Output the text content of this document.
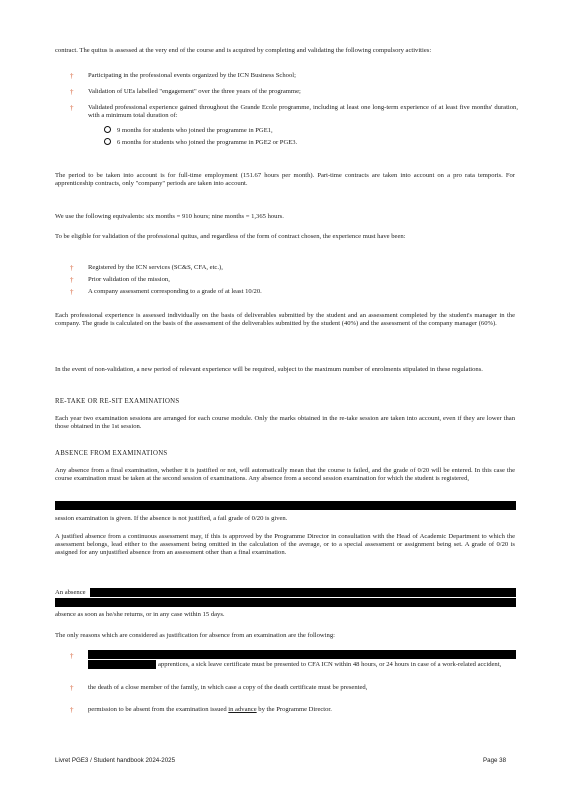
contract. The quitus is assessed at the very end of the course and is acquired by completing and validating the following compulsory activities:

† Participating in the professional events organized by the ICN Business School;

† Validation of UEs labelled "engagement" over the three years of the programme;

† Validated professional experience gained throughout the Grande Ecole programme, including at least one long-term experience of at least five months' duration, with a minimum total duration of:

9 months for students who joined the programme in PGE1,

6 months for students who joined the programme in PGE2 or PGE3.

The period to be taken into account is for full-time employment (151.67 hours per month). Part-time contracts are taken into account on a pro rata temporis. For apprenticeship contracts, only "company" periods are taken into account.

We use the following equivalents: six months = 910 hours; nine months = 1,365 hours.

To be eligible for validation of the professional quitus, and regardless of the form of contract chosen, the experience must have been:

† Registered by the ICN services (SC&S, CFA, etc.),

† Prior validation of the mission,

† A company assessment corresponding to a grade of at least 10/20.

Each professional experience is assessed individually on the basis of deliverables submitted by the student and an assessment completed by the student's manager in the company. The grade is calculated on the basis of the assessment of the deliverables submitted by the student (40%) and the assessment of the company manager (60%).

In the event of non-validation, a new period of relevant experience will be required, subject to the maximum number of enrolments stipulated in these regulations.

RE-TAKE OR RE-SIT EXAMINATIONS

Each year two examination sessions are arranged for each course module. Only the marks obtained in the re-take session are taken into account, even if they are lower than those obtained in the 1st session.

ABSENCE FROM EXAMINATIONS

Any absence from a final examination, whether it is justified or not, will automatically mean that the course is failed, and the grade of 0/20 will be entered. In this case the course examination must be taken at the second session of examinations. Any absence from a second session examination for which the student is registered,

session examination is given. If the absence is not justified, a fail grade of 0/20 is given.

A justified absence from a continuous assessment may, if this is approved by the Programme Director in consultation with the Head of Academic Department to which the assessment belongs, lead either to the assessment being omitted in the calculation of the average, or to a special assessment or assignment being set. A grade of 0/20 is assigned for any unjustified absence from an assessment other than a final examination.

An absence

absence as soon as he/she returns, or in any case within 15 days.

The only reasons which are considered as justification for absence from an examination are the following:

†

apprentices, a sick leave certificate must be presented to CFA ICN within 48 hours, or 24 hours in case of a work-related accident,

† the death of a close member of the family, in which case a copy of the death certificate must be presented,

† permission to be absent from the examination issued in advance by the Programme Director.

Livret PGE3 / Student handbook 2024-2025	Page 38
